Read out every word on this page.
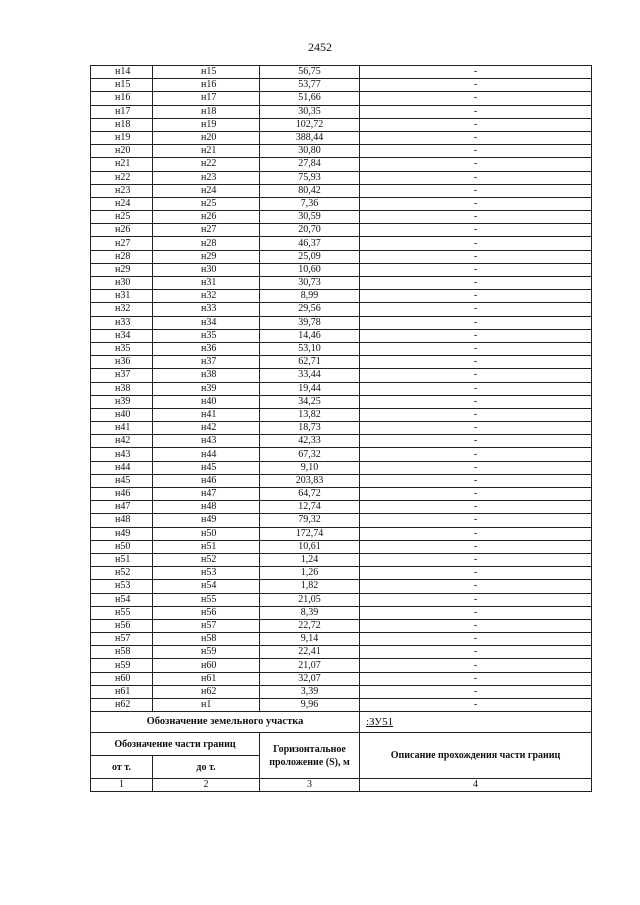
2452
н14	н15	56,75	-
н15	н16	53,77	-
н16	н17	51,66	-
н17	н18	30,35	-
н18	н19	102,72	-
н19	н20	388,44	-
н20	н21	30,80	-
н21	н22	27,84	-
н22	н23	75,93	-
н23	н24	80,42	-
н24	н25	7,36	-
н25	н26	30,59	-
н26	н27	20,70	-
н27	н28	46,37	-
н28	н29	25,09	-
н29	н30	10,60	-
н30	н31	30,73	-
н31	н32	8,99	-
н32	н33	29,56	-
н33	н34	39,78	-
н34	н35	14,46	-
н35	н36	53,10	-
н36	н37	62,71	-
н37	н38	33,44	-
н38	н39	19,44	-
н39	н40	34,25	-
н40	н41	13,82	-
н41	н42	18,73	-
н42	н43	42,33	-
н43	н44	67,32	-
н44	н45	9,10	-
н45	н46	203,83	-
н46	н47	64,72	-
н47	н48	12,74	-
н48	н49	79,32	-
н49	н50	172,74	-
н50	н51	10,61	-
н51	н52	1,24	-
н52	н53	1,26	-
н53	н54	1,82	-
н54	н55	21,05	-
н55	н56	8,39	-
н56	н57	22,72	-
н57	н58	9,14	-
н58	н59	22,41	-
н59	н60	21,07	-
н60	н61	32,07	-
н61	н62	3,39	-
н62	н1	9,96	-
Обозначение земельного участка			:ЗУ51
Обозначение части границ		Горизонтальное проложение (S), м	Описание прохождения части границ
от т.	до т.		
1	2	3	4
